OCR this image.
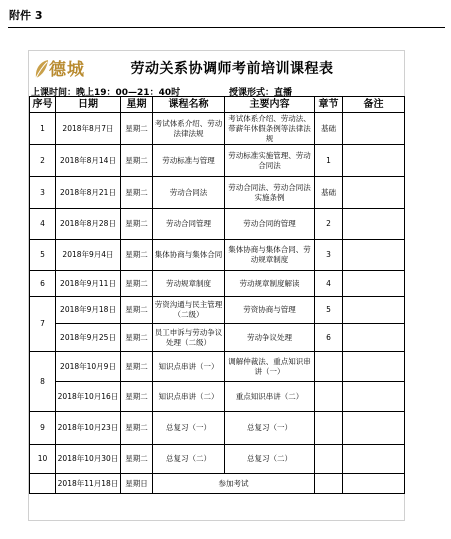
附件 3
德城	劳动关系协调师考前培训课程表
上课时间：晚上19：00—21：40时	授课形式：直播
序号	日期	星期	课程名称	主要内容	章节	备注
1	2018年8月7日	星期二	考试体系介绍、劳动法律法规	考试体系介绍、劳动法、带薪年休假条例等法律法规	基础	
2	2018年8月14日	星期二	劳动标准与管理	劳动标准实施管理、劳动合同法	1	
3	2018年8月21日	星期二	劳动合同法	劳动合同法、劳动合同法实施条例	基础	
4	2018年8月28日	星期二	劳动合同管理	劳动合同的管理	2	
5	2018年9月4日	星期二	集体协商与集体合同	集体协商与集体合同、劳动规章制度	3	
6	2018年9月11日	星期二	劳动规章制度	劳动规章制度解读	4	
7	2018年9月18日	星期二	劳资沟通与民主管理（二级）	劳资协商与管理	5	
	2018年9月25日	星期二	员工申诉与劳动争议处理（二级）	劳动争议处理	6	
8	2018年10月9日	星期二	知识点串讲（一）	调解仲裁法、重点知识串讲（一）		
	2018年10月16日	星期二	知识点串讲（二）	重点知识串讲（二）		
9	2018年10月23日	星期二	总复习（一）	总复习（一）		
10	2018年10月30日	星期二	总复习（二）	总复习（二）		
	2018年11月18日	星期日	参加考试			
